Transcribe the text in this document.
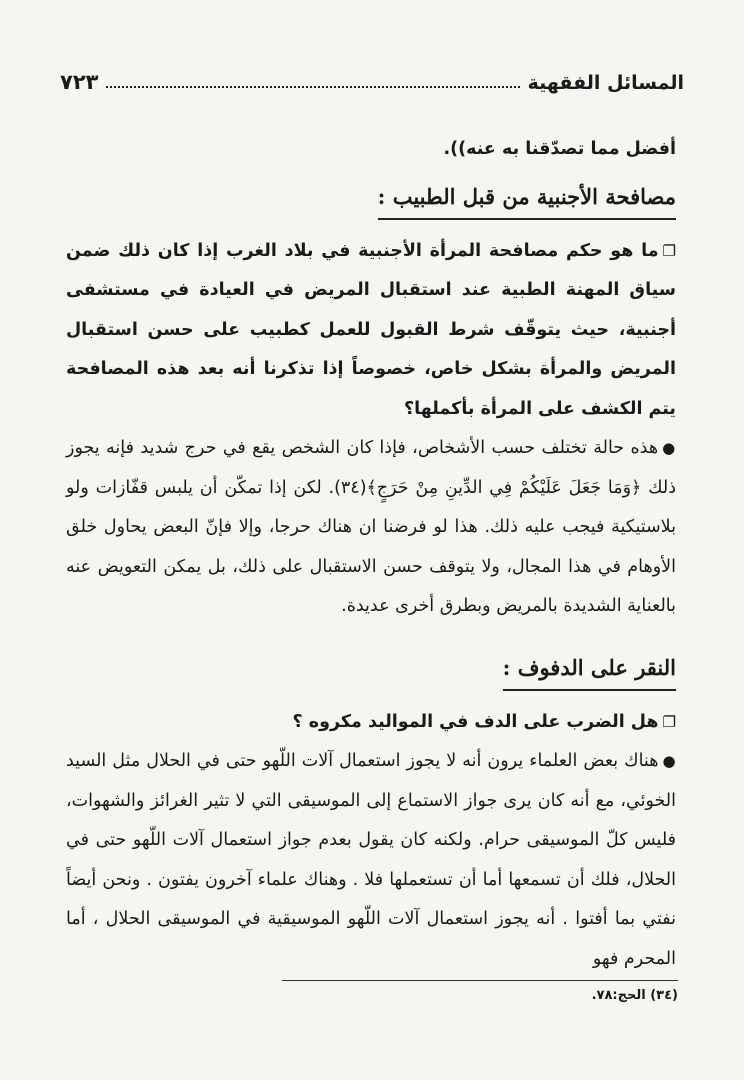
٧٢٣	المسائل الفقهية

أفضل مما تصدّقنا به عنه)).

مصافحة الأجنبية من قبل الطبيب :

❐ما هو حكم مصافحة المرأة الأجنبية في بلاد الغرب إذا كان ذلك ضمن سياق المهنة الطبية عند استقبال المريض في العيادة في مستشفى أجنبية، حيث يتوقّف شرط القبول للعمل كطبيب على حسن استقبال المريض والمرأة بشكل خاص، خصوصاً إذا تذكرنا أنه بعد هذه المصافحة يتم الكشف على المرأة بأكملها؟

●هذه حالة تختلف حسب الأشخاص، فإذا كان الشخص يقع في حرج شديد فإنه يجوز ذلك ﴿وَمَا جَعَلَ عَلَيْكُمْ فِي الدِّينِ مِنْ حَرَجٍ﴾(٣٤). لكن إذا تمكّن أن يلبس قفّازات ولو بلاستيكية فيجب عليه ذلك. هذا لو فرضنا ان هناك حرجا، وإلا فإنّ البعض يحاول خلق الأوهام في هذا المجال، ولا يتوقف حسن الاستقبال على ذلك، بل يمكن التعويض عنه بالعناية الشديدة بالمريض وبطرق أخرى عديدة.

النقر على الدفوف :

❐هل الضرب على الدف في المواليد مكروه ؟

●هناك بعض العلماء يرون أنه لا يجوز استعمال آلات اللّهو حتى في الحلال مثل السيد الخوئي، مع أنه كان يرى جواز الاستماع إلى الموسيقى التي لا تثير الغرائز والشهوات، فليس كلّ الموسيقى حرام. ولكنه كان يقول بعدم جواز استعمال آلات اللّهو حتى في الحلال، فلك أن تسمعها أما أن تستعملها فلا . وهناك علماء آخرون يفتون . ونحن أيضاً نفتي بما أفتوا . أنه يجوز استعمال آلات اللّهو الموسيقية في الموسيقى الحلال ، أما المحرم فهو

(٣٤) الحج:٧٨.
